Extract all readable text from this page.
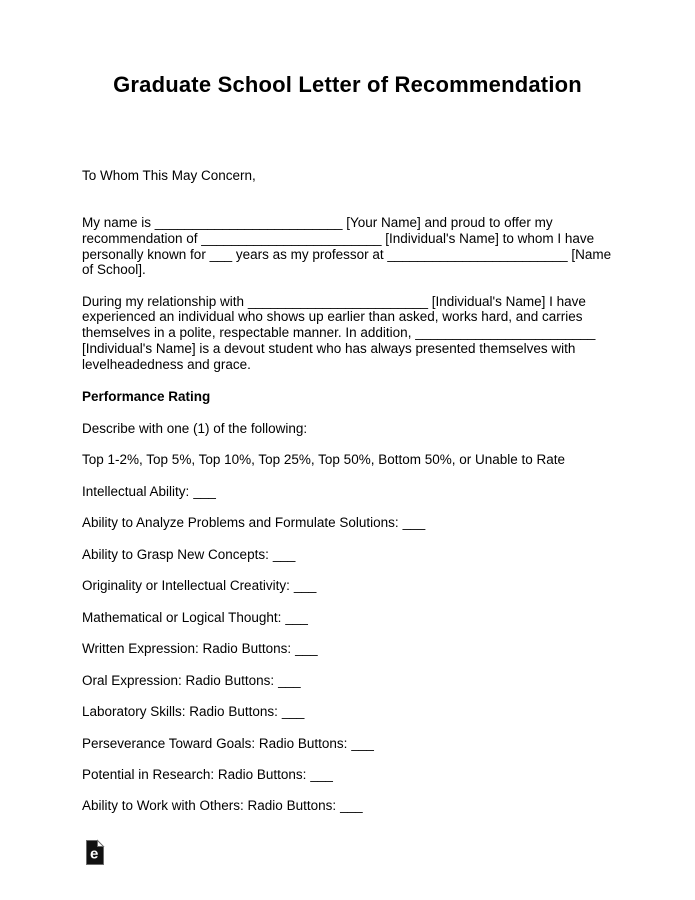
Graduate School Letter of Recommendation
To Whom This May Concern,
My name is _________________________ [Your Name] and proud to offer my
recommendation of ________________________ [Individual's Name] to whom I have
personally known for ___ years as my professor at ________________________ [Name
of School].
During my relationship with ________________________ [Individual's Name] I have
experienced an individual who shows up earlier than asked, works hard, and carries
themselves in a polite, respectable manner. In addition, ________________________
[Individual's Name] is a devout student who has always presented themselves with
levelheadedness and grace.
Performance Rating
Describe with one (1) of the following:
Top 1-2%, Top 5%, Top 10%, Top 25%, Top 50%, Bottom 50%, or Unable to Rate
Intellectual Ability: ___
Ability to Analyze Problems and Formulate Solutions: ___
Ability to Grasp New Concepts: ___
Originality or Intellectual Creativity: ___
Mathematical or Logical Thought: ___
Written Expression: Radio Buttons: ___
Oral Expression: Radio Buttons: ___
Laboratory Skills: Radio Buttons: ___
Perseverance Toward Goals: Radio Buttons: ___
Potential in Research: Radio Buttons: ___
Ability to Work with Others: Radio Buttons: ___
e
